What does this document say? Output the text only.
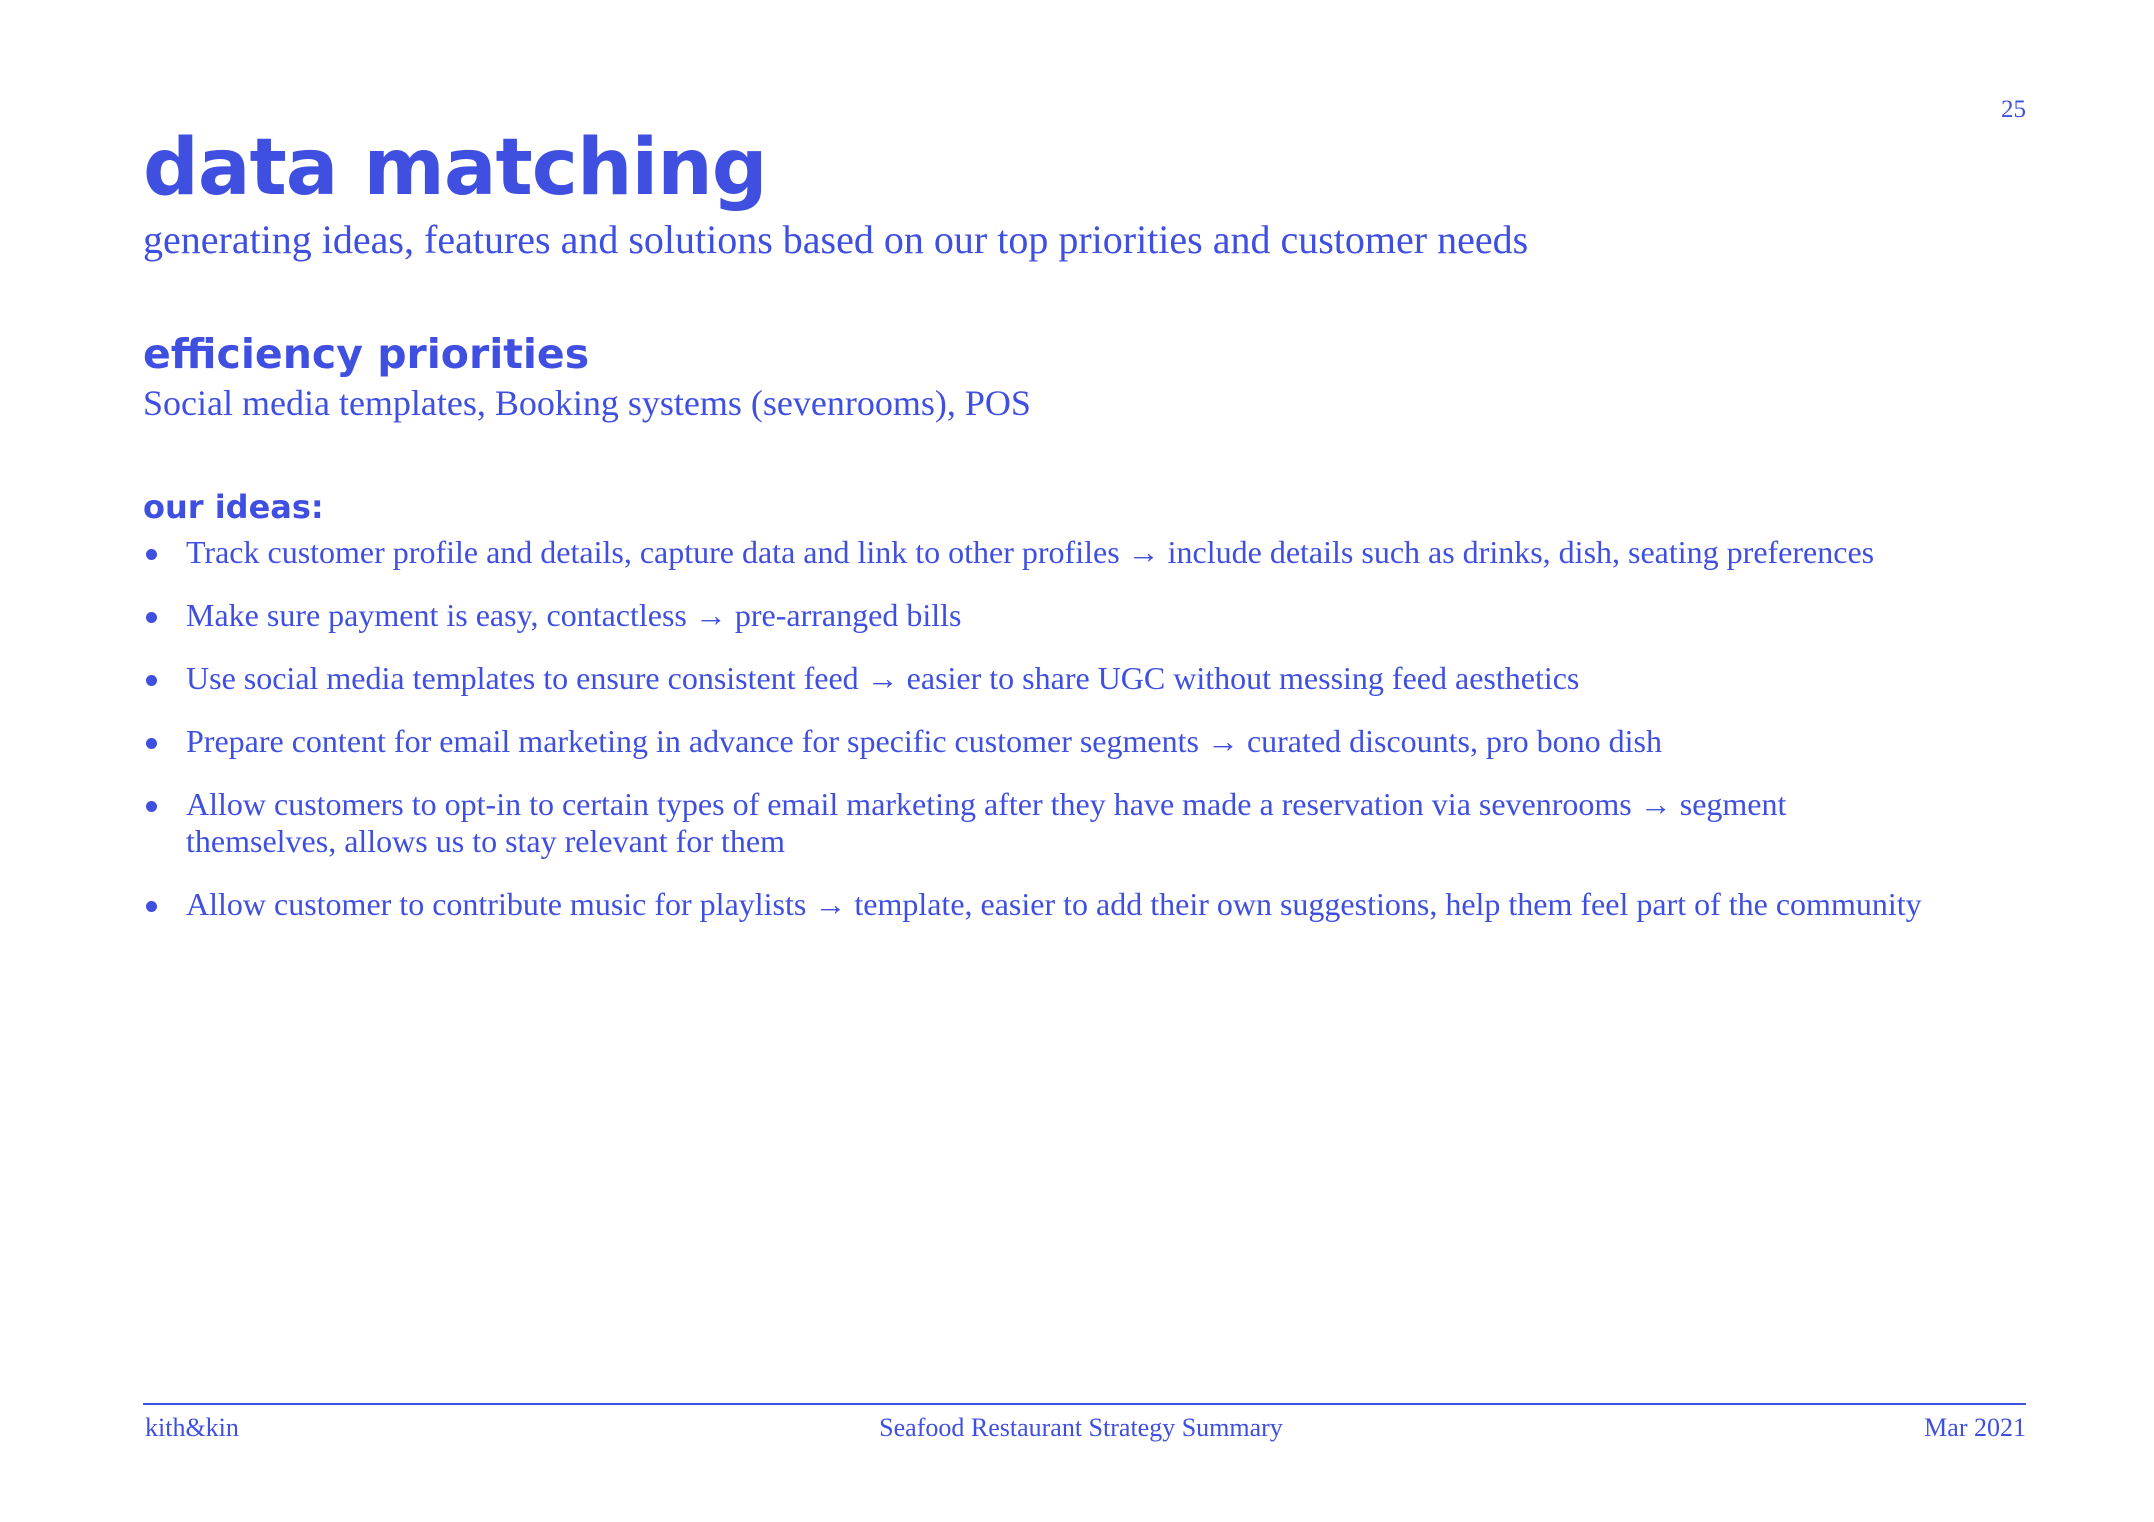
25
data matching

generating ideas, features and solutions based on our top priorities and customer needs

efficiency priorities

Social media templates, Booking systems (sevenrooms), POS

our ideas:
Track customer profile and details, capture data and link to other profiles → include details such as drinks, dish, seating preferences
Make sure payment is easy, contactless → pre-arranged bills
Use social media templates to ensure consistent feed → easier to share UGC without messing feed aesthetics
Prepare content for email marketing in advance for specific customer segments → curated discounts, pro bono dish
Allow customers to opt-in to certain types of email marketing after they have made a reservation via sevenrooms → segment themselves, allows us to stay relevant for them
Allow customer to contribute music for playlists → template, easier to add their own suggestions, help them feel part of the community
kith&kin	Seafood Restaurant Strategy Summary	Mar 2021
